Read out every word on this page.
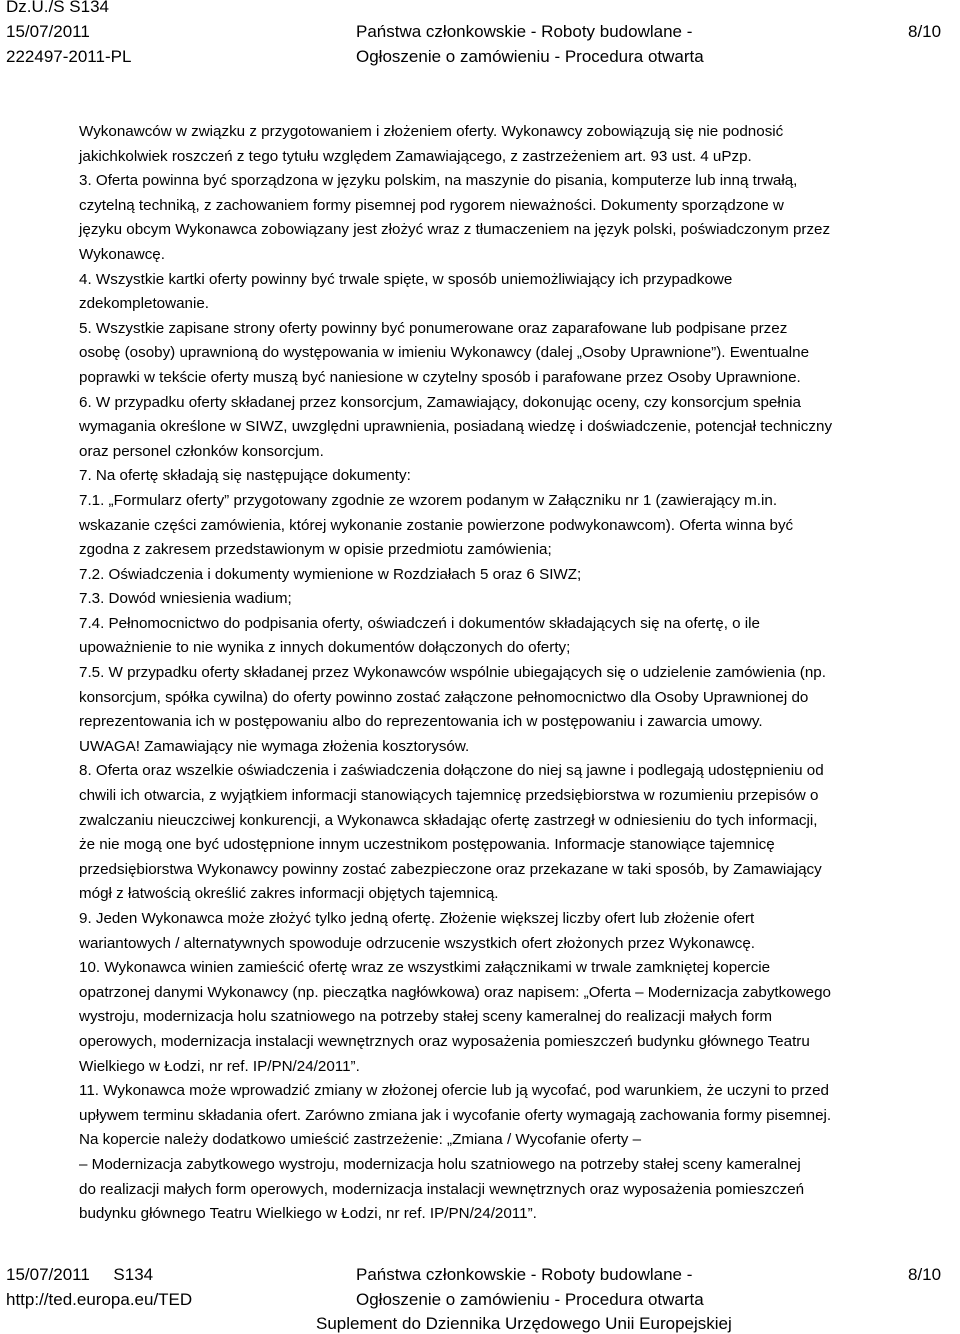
Dz.U./S S134
15/07/2011
222497-2011-PL
Państwa członkowskie - Roboty budowlane -
Ogłoszenie o zamówieniu - Procedura otwarta
8/10

Wykonawców w związku z przygotowaniem i złożeniem oferty. Wykonawcy zobowiązują się nie podnosić

jakichkolwiek roszczeń z tego tytułu względem Zamawiającego, z zastrzeżeniem art. 93 ust. 4 uPzp.

3. Oferta powinna być sporządzona w języku polskim, na maszynie do pisania, komputerze lub inną trwałą,

czytelną techniką, z zachowaniem formy pisemnej pod rygorem nieważności. Dokumenty sporządzone w

języku obcym Wykonawca zobowiązany jest złożyć wraz z tłumaczeniem na język polski, poświadczonym przez

Wykonawcę.

4. Wszystkie kartki oferty powinny być trwale spięte, w sposób uniemożliwiający ich przypadkowe

zdekompletowanie.

5. Wszystkie zapisane strony oferty powinny być ponumerowane oraz zaparafowane lub podpisane przez

osobę (osoby) uprawnioną do występowania w imieniu Wykonawcy (dalej „Osoby Uprawnione”). Ewentualne

poprawki w tekście oferty muszą być naniesione w czytelny sposób i parafowane przez Osoby Uprawnione.

6. W przypadku oferty składanej przez konsorcjum, Zamawiający, dokonując oceny, czy konsorcjum spełnia

wymagania określone w SIWZ, uwzględni uprawnienia, posiadaną wiedzę i doświadczenie, potencjał techniczny

oraz personel członków konsorcjum.

7. Na ofertę składają się następujące dokumenty:

7.1. „Formularz oferty” przygotowany zgodnie ze wzorem podanym w Załączniku nr 1 (zawierający m.in.

wskazanie części zamówienia, której wykonanie zostanie powierzone podwykonawcom). Oferta winna być

zgodna z zakresem przedstawionym w opisie przedmiotu zamówienia;

7.2. Oświadczenia i dokumenty wymienione w Rozdziałach 5 oraz 6 SIWZ;

7.3. Dowód wniesienia wadium;

7.4. Pełnomocnictwo do podpisania oferty, oświadczeń i dokumentów składających się na ofertę, o ile

upoważnienie to nie wynika z innych dokumentów dołączonych do oferty;

7.5. W przypadku oferty składanej przez Wykonawców wspólnie ubiegających się o udzielenie zamówienia (np.

konsorcjum, spółka cywilna) do oferty powinno zostać załączone pełnomocnictwo dla Osoby Uprawnionej do

reprezentowania ich w postępowaniu albo do reprezentowania ich w postępowaniu i zawarcia umowy.

UWAGA! Zamawiający nie wymaga złożenia kosztorysów.

8. Oferta oraz wszelkie oświadczenia i zaświadczenia dołączone do niej są jawne i podlegają udostępnieniu od

chwili ich otwarcia, z wyjątkiem informacji stanowiących tajemnicę przedsiębiorstwa w rozumieniu przepisów o

zwalczaniu nieuczciwej konkurencji, a Wykonawca składając ofertę zastrzegł w odniesieniu do tych informacji,

że nie mogą one być udostępnione innym uczestnikom postępowania. Informacje stanowiące tajemnicę

przedsiębiorstwa Wykonawcy powinny zostać zabezpieczone oraz przekazane w taki sposób, by Zamawiający

mógł z łatwością określić zakres informacji objętych tajemnicą.

9. Jeden Wykonawca może złożyć tylko jedną ofertę. Złożenie większej liczby ofert lub złożenie ofert

wariantowych / alternatywnych spowoduje odrzucenie wszystkich ofert złożonych przez Wykonawcę.

10. Wykonawca winien zamieścić ofertę wraz ze wszystkimi załącznikami w trwale zamkniętej kopercie

opatrzonej danymi Wykonawcy (np. pieczątka nagłówkowa) oraz napisem: „Oferta – Modernizacja zabytkowego

wystroju, modernizacja holu szatniowego na potrzeby stałej sceny kameralnej do realizacji małych form

operowych, modernizacja instalacji wewnętrznych oraz wyposażenia pomieszczeń budynku głównego Teatru

Wielkiego w Łodzi, nr ref. IP/PN/24/2011”.

11. Wykonawca może wprowadzić zmiany w złożonej ofercie lub ją wycofać, pod warunkiem, że uczyni to przed

upływem terminu składania ofert. Zarówno zmiana jak i wycofanie oferty wymagają zachowania formy pisemnej.

Na kopercie należy dodatkowo umieścić zastrzeżenie: „Zmiana / Wycofanie oferty –

– Modernizacja zabytkowego wystroju, modernizacja holu szatniowego na potrzeby stałej sceny kameralnej

do realizacji małych form operowych, modernizacja instalacji wewnętrznych oraz wyposażenia pomieszczeń

budynku głównego Teatru Wielkiego w Łodzi, nr ref. IP/PN/24/2011”.

15/07/2011     S134
http://ted.europa.eu/TED
Państwa członkowskie - Roboty budowlane -
Ogłoszenie o zamówieniu - Procedura otwarta
Suplement do Dziennika Urzędowego Unii Europejskiej
8/10
